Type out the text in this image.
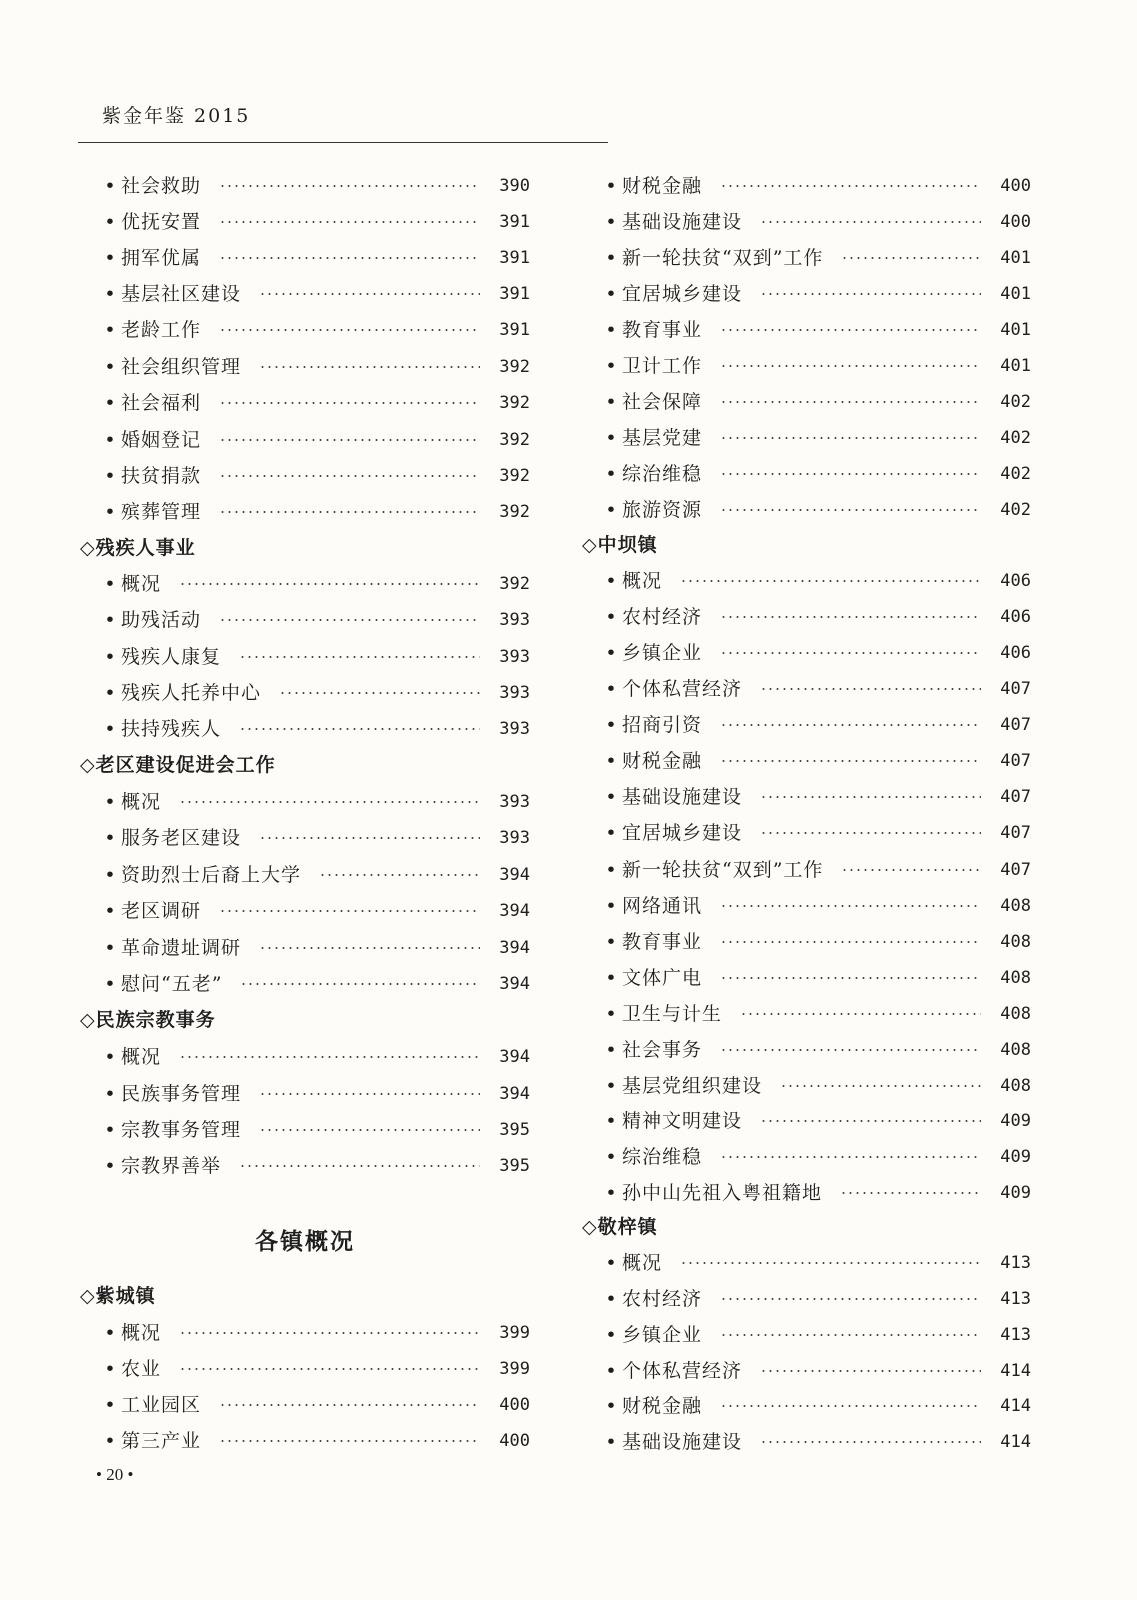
紫金年鉴 2015
• 社会救助	390
• 优抚安置	391
• 拥军优属	391
• 基层社区建设	391
• 老龄工作	391
• 社会组织管理	392
• 社会福利	392
• 婚姻登记	392
• 扶贫捐款	392
• 殡葬管理	392
◇残疾人事业
• 概况	392
• 助残活动	393
• 残疾人康复	393
• 残疾人托养中心	393
• 扶持残疾人	393
◇老区建设促进会工作
• 概况	393
• 服务老区建设	393
• 资助烈士后裔上大学	394
• 老区调研	394
• 革命遗址调研	394
• 慰问“五老”	394
◇民族宗教事务
• 概况	394
• 民族事务管理	394
• 宗教事务管理	395
• 宗教界善举	395
各镇概况
◇紫城镇
• 概况	399
• 农业	399
• 工业园区	400
• 第三产业	400
• 财税金融	400
• 基础设施建设	400
• 新一轮扶贫“双到”工作	401
• 宜居城乡建设	401
• 教育事业	401
• 卫计工作	401
• 社会保障	402
• 基层党建	402
• 综治维稳	402
• 旅游资源	402
◇中坝镇
• 概况	406
• 农村经济	406
• 乡镇企业	406
• 个体私营经济	407
• 招商引资	407
• 财税金融	407
• 基础设施建设	407
• 宜居城乡建设	407
• 新一轮扶贫“双到”工作	407
• 网络通讯	408
• 教育事业	408
• 文体广电	408
• 卫生与计生	408
• 社会事务	408
• 基层党组织建设	408
• 精神文明建设	409
• 综治维稳	409
• 孙中山先祖入粤祖籍地	409
◇敬梓镇
• 概况	413
• 农村经济	413
• 乡镇企业	413
• 个体私营经济	414
• 财税金融	414
• 基础设施建设	414
• 20 •
